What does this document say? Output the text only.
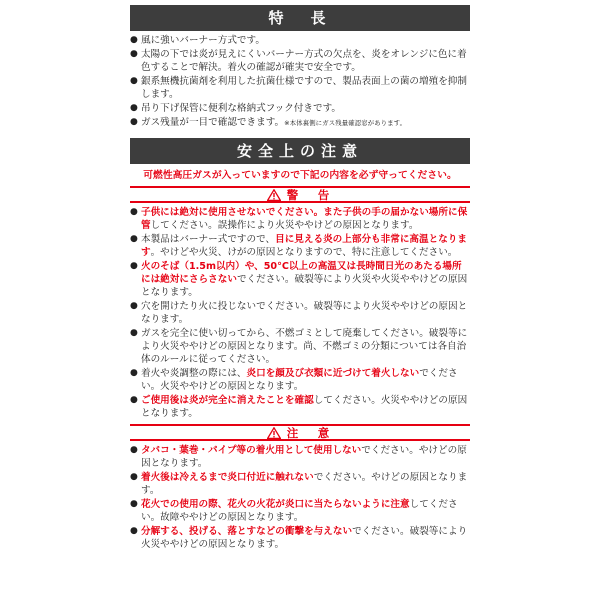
特　長
● 風に強いバーナー方式です。
● 太陽の下では炎が見えにくいバーナー方式の欠点を、炎をオレンジに色に着色することで解決。着火の確認が確実で安全です。
● 銀系無機抗菌剤を利用した抗菌仕様ですので、製品表面上の菌の増殖を抑制します。
● 吊り下げ保管に便利な格納式フック付きです。
● ガス残量が一目で確認できます。※本体裏側にガス残量確認窓があります。
安全上の注意
可燃性高圧ガスが入っていますので下記の内容を必ず守ってください。
警　告
● 子供には絶対に使用させないでください。また子供の手の届かない場所に保管してください。誤操作により火災ややけどの原因となります。
● 本製品はバーナー式ですので、目に見える炎の上部分も非常に高温となります。やけどや火災、けがの原因となりますので、特に注意してください。
● 火のそば（1.5m以内）や、50°C以上の高温又は長時間日光のあたる場所には絶対にさらさないでください。破裂等により火災や火災ややけどの原因となります。
● 穴を開けたり火に投じないでください。破裂等により火災ややけどの原因となります。
● ガスを完全に使い切ってから、不燃ゴミとして廃棄してください。破裂等により火災ややけどの原因となります。尚、不燃ゴミの分類については各自治体のルールに従ってください。
● 着火や炎調整の際には、炎口を顔及び衣類に近づけて着火しないでください。火災ややけどの原因となります。
● ご使用後は炎が完全に消えたことを確認してください。火災ややけどの原因となります。
注　意
● タバコ・葉巻・パイプ等の着火用として使用しないでください。やけどの原因となります。
● 着火後は冷えるまで炎口付近に触れないでください。やけどの原因となります。
● 花火での使用の際、花火の火花が炎口に当たらないように注意してください。故障ややけどの原因となります。
● 分解する、投げる、落とすなどの衝撃を与えないでください。破裂等により火災ややけどの原因となります。
